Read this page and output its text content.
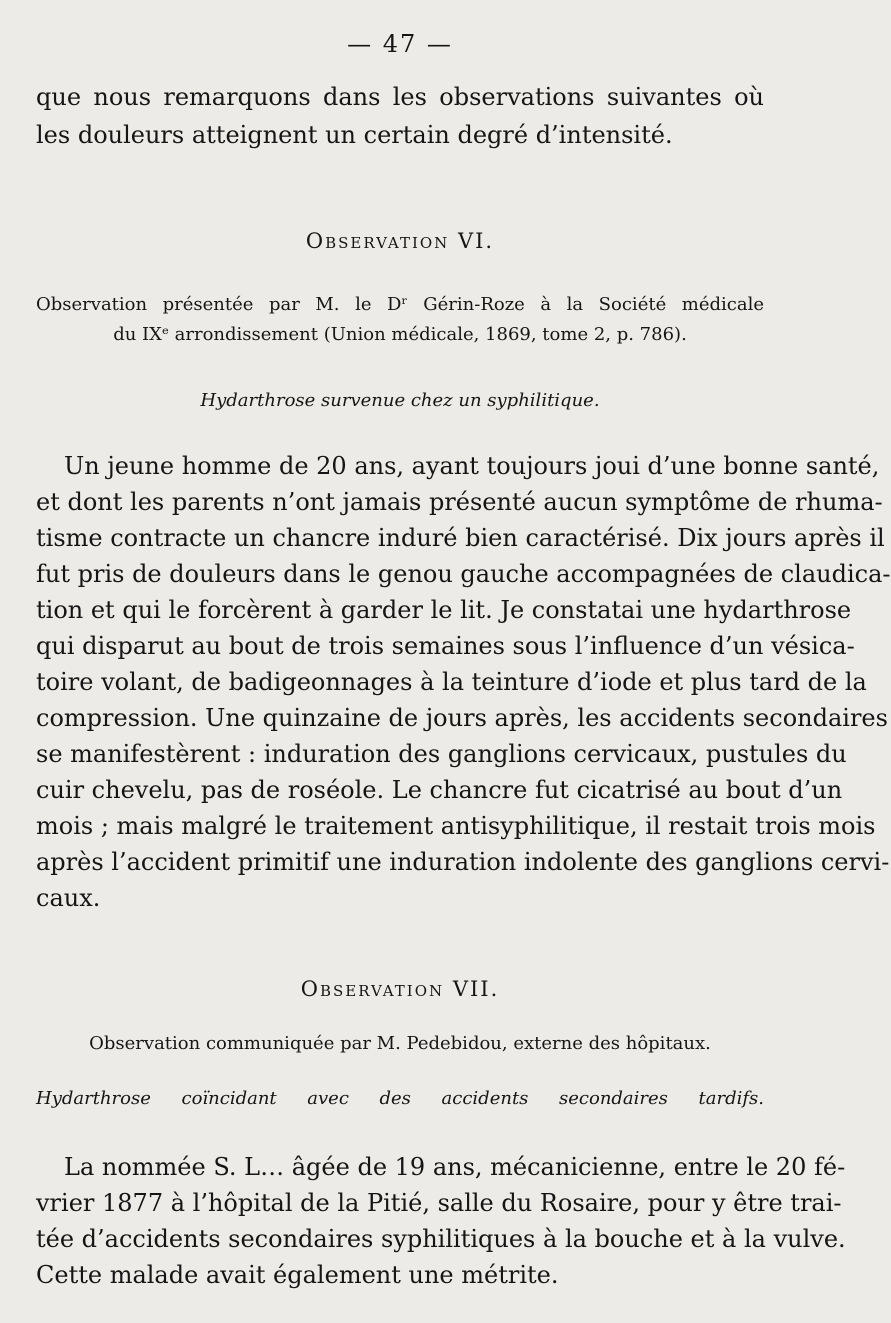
— 47 —
que nous remarquons dans les observations suivantes où
les douleurs atteignent un certain degré d’intensité.
Observation VI.
Observation présentée par M. le Dʳ Gérin-Roze à la Société médicale
du IXᵉ arrondissement (Union médicale, 1869, tome 2, p. 786).
Hydarthrose survenue chez un syphilitique.
Un jeune homme de 20 ans, ayant toujours joui d’une bonne santé,
et dont les parents n’ont jamais présenté aucun symptôme de rhuma-
tisme contracte un chancre induré bien caractérisé. Dix jours après il
fut pris de douleurs dans le genou gauche accompagnées de claudica-
tion et qui le forcèrent à garder le lit. Je constatai une hydarthrose
qui disparut au bout de trois semaines sous l’influence d’un vésica-
toire volant, de badigeonnages à la teinture d’iode et plus tard de la
compression. Une quinzaine de jours après, les accidents secondaires
se manifestèrent : induration des ganglions cervicaux, pustules du
cuir chevelu, pas de roséole. Le chancre fut cicatrisé au bout d’un
mois ; mais malgré le traitement antisyphilitique, il restait trois mois
après l’accident primitif une induration indolente des ganglions cervi-
caux.
Observation VII.
Observation communiquée par M. Pedebidou, externe des hôpitaux.
Hydarthrose coïncidant avec des accidents secondaires tardifs.
La nommée S. L… âgée de 19 ans, mécanicienne, entre le 20 fé-
vrier 1877 à l’hôpital de la Pitié, salle du Rosaire, pour y être trai-
tée d’accidents secondaires syphilitiques à la bouche et à la vulve.
Cette malade avait également une métrite.
